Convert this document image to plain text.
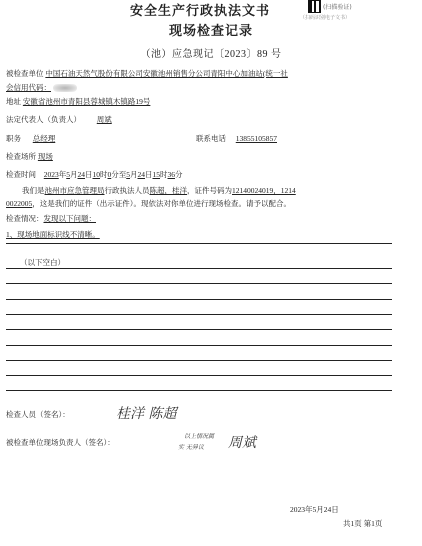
安全生产行政执法文书	(扫描验证)
（扫码识别电子文书）
现场检查记录
（池）应急现记〔2023〕89 号
被检查单位 中国石油天然气股份有限公司安徽池州销售分公司青阳中心加油站(统一社
会信用代码：
地址 安徽省池州市青阳县蓉城镇木镇路19号
法定代表人（负责人） 周斌
职务 总经理	联系电话 13855105857
检查场所 现场
检查时间 2023年5月24日10时0分至5月24日15时36分
我们是池州市应急管理局行政执法人员陈超，桂洋，证件号码为12140024019，1214
0022005，这是我们的证件（出示证件）。现依法对你单位进行现场检查。请予以配合。
检查情况：发现以下问题：
1、现场地面标识线不清晰。
（以下空白）
检查人员（签名）：	桂洋 陈超
被检查单位现场负责人（签名）：
以上情况属
实 无异议 周斌
2023年5月24日
共1页 第1页
